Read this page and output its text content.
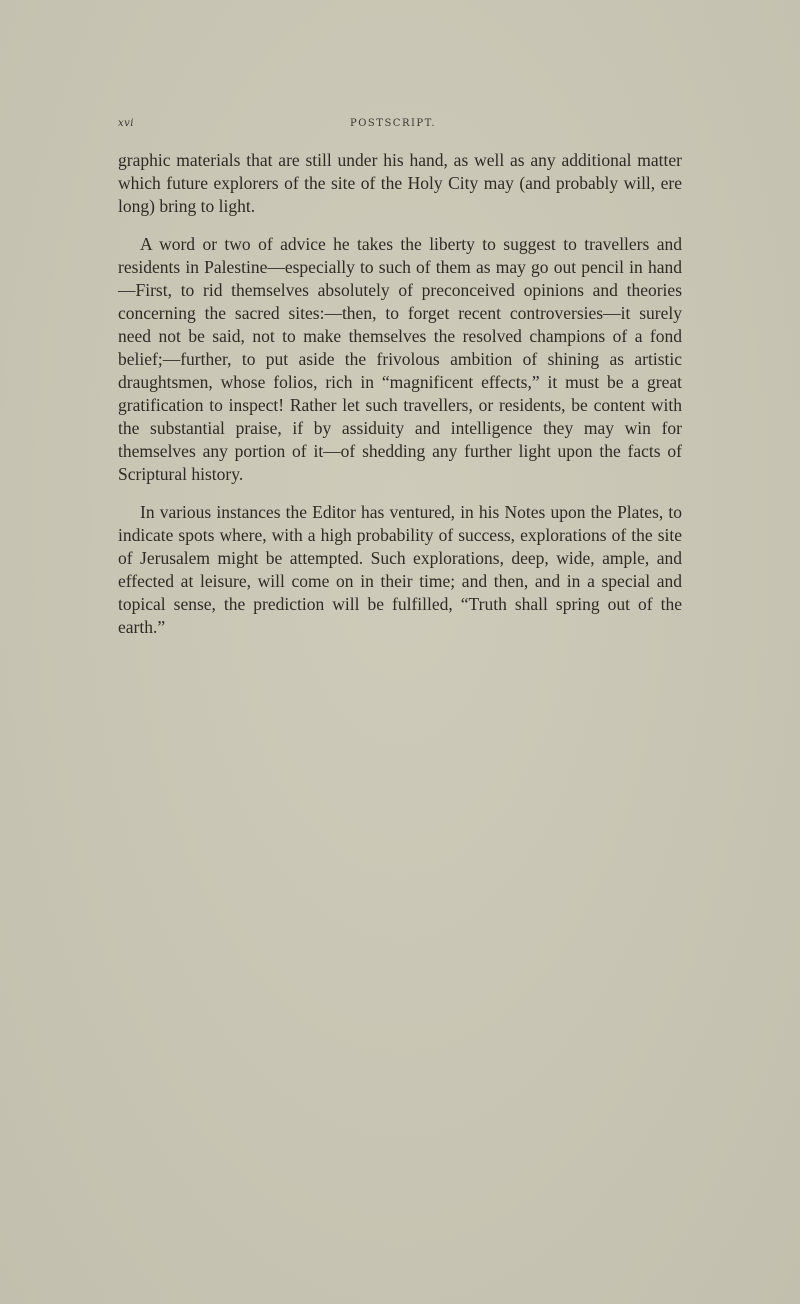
xvi	POSTSCRIPT.

graphic materials that are still under his hand, as well as any additional matter which future explorers of the site of the Holy City may (and probably will, ere long) bring to light.

A word or two of advice he takes the liberty to suggest to travellers and residents in Palestine—especially to such of them as may go out pencil in hand—First, to rid themselves absolutely of preconceived opinions and theories concerning the sacred sites:—then, to forget recent controversies—it surely need not be said, not to make themselves the resolved champions of a fond belief;—further, to put aside the frivolous ambition of shining as artistic draughtsmen, whose folios, rich in “magnificent effects,” it must be a great gratification to inspect! Rather let such travellers, or residents, be content with the substantial praise, if by assiduity and intelligence they may win for themselves any portion of it—of shedding any further light upon the facts of Scriptural history.

In various instances the Editor has ventured, in his Notes upon the Plates, to indicate spots where, with a high probability of success, explorations of the site of Jerusalem might be attempted. Such explorations, deep, wide, ample, and effected at leisure, will come on in their time; and then, and in a special and topical sense, the prediction will be fulfilled, “Truth shall spring out of the earth.”
